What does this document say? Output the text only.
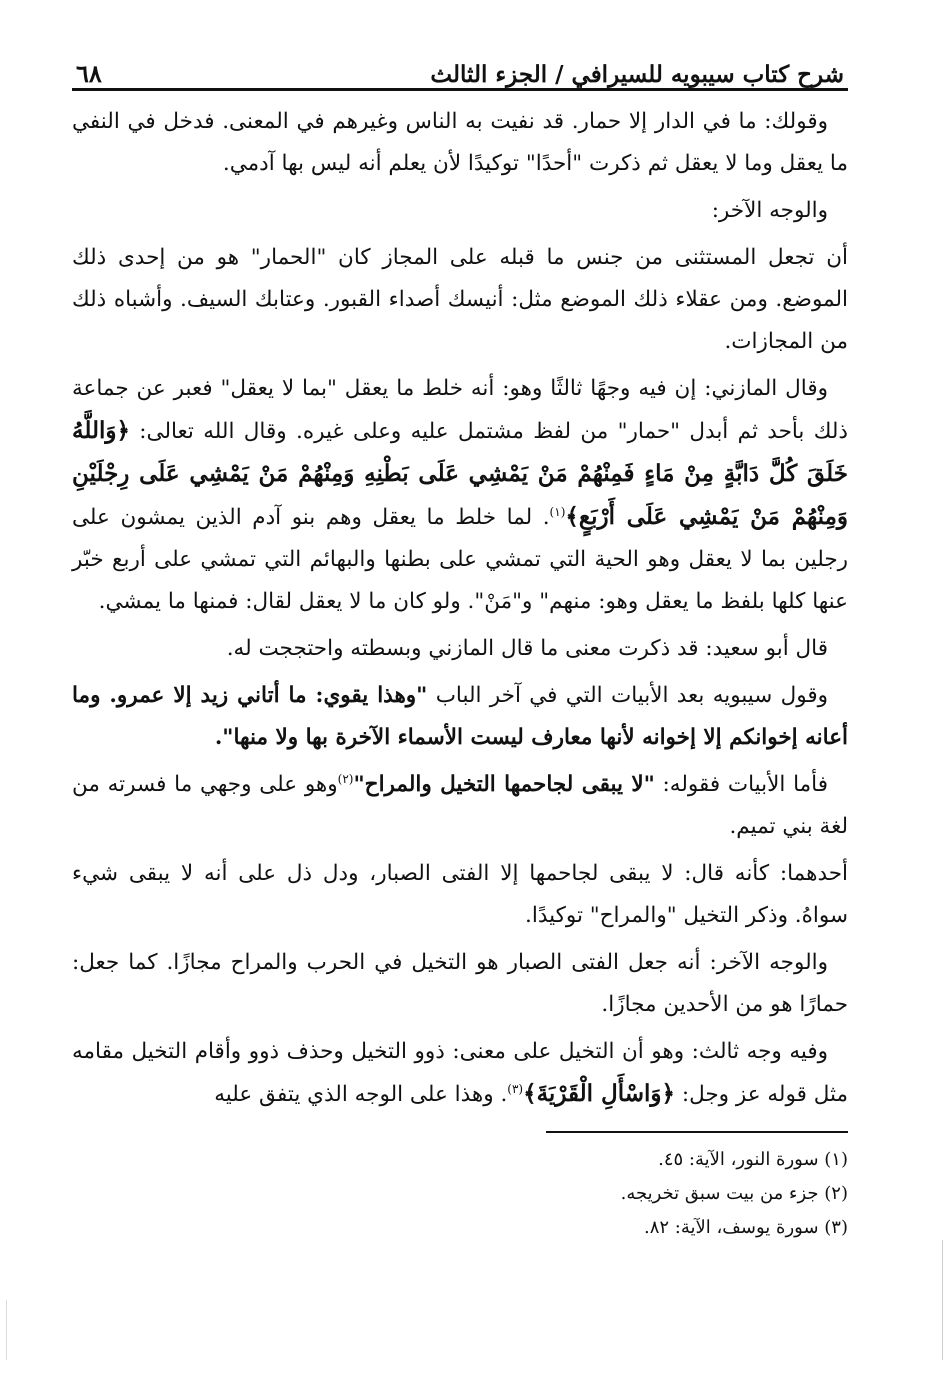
شرح كتاب سيبويه للسيرافي / الجزء الثالث
٦٨

وقولك: ما في الدار إلا حمار. قد نفيت به الناس وغيرهم في المعنى. فدخل في النفي ما يعقل وما لا يعقل ثم ذكرت "أحدًا" توكيدًا لأن يعلم أنه ليس بها آدمي.

والوجه الآخر:

أن تجعل المستثنى من جنس ما قبله على المجاز كان "الحمار" هو من إحدى ذلك الموضع. ومن عقلاء ذلك الموضع مثل: أنيسك أصداء القبور. وعتابك السيف. وأشباه ذلك من المجازات.

وقال المازني: إن فيه وجهًا ثالثًا وهو: أنه خلط ما يعقل "بما لا يعقل" فعبر عن جماعة ذلك بأحد ثم أبدل "حمار" من لفظ مشتمل عليه وعلى غيره. وقال الله تعالى: ﴿وَاللَّهُ خَلَقَ كُلَّ دَابَّةٍ مِنْ مَاءٍ فَمِنْهُمْ مَنْ يَمْشِي عَلَى بَطْنِهِ وَمِنْهُمْ مَنْ يَمْشِي عَلَى رِجْلَيْنِ وَمِنْهُمْ مَنْ يَمْشِي عَلَى أَرْبَعٍ﴾$^{(١)}$. لما خلط ما يعقل وهم بنو آدم الذين يمشون على رجلين بما لا يعقل وهو الحية التي تمشي على بطنها والبهائم التي تمشي على أربع خبّر عنها كلها بلفظ ما يعقل وهو: منهم" و"مَنْ". ولو كان ما لا يعقل لقال: فمنها ما يمشي.

قال أبو سعيد: قد ذكرت معنى ما قال المازني وبسطته واحتججت له.

وقول سيبويه بعد الأبيات التي في آخر الباب "وهذا يقوي: ما أتاني زيد إلا عمرو. وما أعانه إخوانكم إلا إخوانه لأنها معارف ليست الأسماء الآخرة بها ولا منها".

فأما الأبيات فقوله: "لا يبقى لجاحمها التخيل والمراح"$^{(٢)}$وهو على وجهي ما فسرته من لغة بني تميم.

أحدهما: كأنه قال: لا يبقى لجاحمها إلا الفتى الصبار، ودل ذل على أنه لا يبقى شيء سواهُ. وذكر التخيل "والمراح" توكيدًا.

والوجه الآخر: أنه جعل الفتى الصبار هو التخيل في الحرب والمراح مجازًا. كما جعل: حمارًا هو من الأحدين مجازًا.

وفيه وجه ثالث: وهو أن التخيل على معنى: ذوو التخيل وحذف ذوو وأقام التخيل مقامه مثل قوله عز وجل: ﴿وَاسْأَلِ الْقَرْيَةَ﴾$^{(٣)}$. وهذا على الوجه الذي يتفق عليه

(١) سورة النور، الآية: ٤٥.
(٢) جزء من بيت سبق تخريجه.
(٣) سورة يوسف، الآية: ٨٢.
